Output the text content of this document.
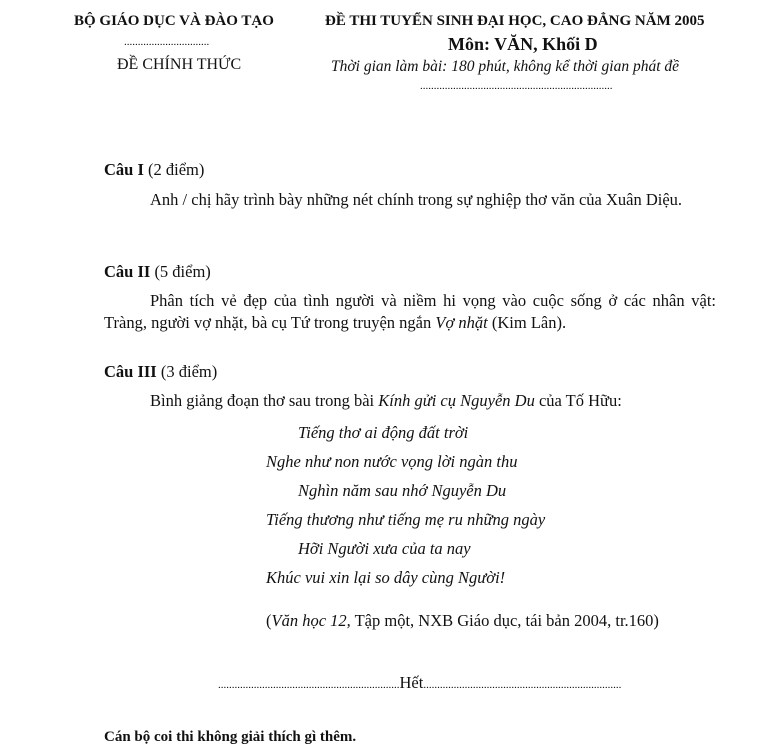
BỘ GIÁO DỤC VÀ ĐÀO TẠO
...............................
ĐỀ CHÍNH THỨC
ĐỀ THI TUYỂN SINH ĐẠI HỌC, CAO ĐẲNG NĂM 2005
Môn: VĂN, Khối D
Thời gian làm bài: 180 phút, không kể thời gian phát đề
......................................................................
Câu I (2 điểm)
Anh / chị hãy trình bày những nét chính trong sự nghiệp thơ văn của Xuân Diệu.
Câu II (5 điểm)
Phân tích vẻ đẹp của tình người và niềm hi vọng vào cuộc sống ở các nhân vật: Tràng, người vợ nhặt, bà cụ Tứ trong truyện ngắn Vợ nhặt (Kim Lân).
Câu III (3 điểm)
Bình giảng đoạn thơ sau trong bài Kính gửi cụ Nguyễn Du của Tố Hữu:
Tiếng thơ ai động đất trời
Nghe như non nước vọng lời ngàn thu
Nghìn năm sau nhớ Nguyễn Du
Tiếng thương như tiếng mẹ ru những ngày
Hỡi Người xưa của ta nay
Khúc vui xin lại so dây cùng Người!
(Văn học 12, Tập một, NXB Giáo dục, tái bản 2004, tr.160)
..................................................................Hết........................................................................
Cán bộ coi thi không giải thích gì thêm.
